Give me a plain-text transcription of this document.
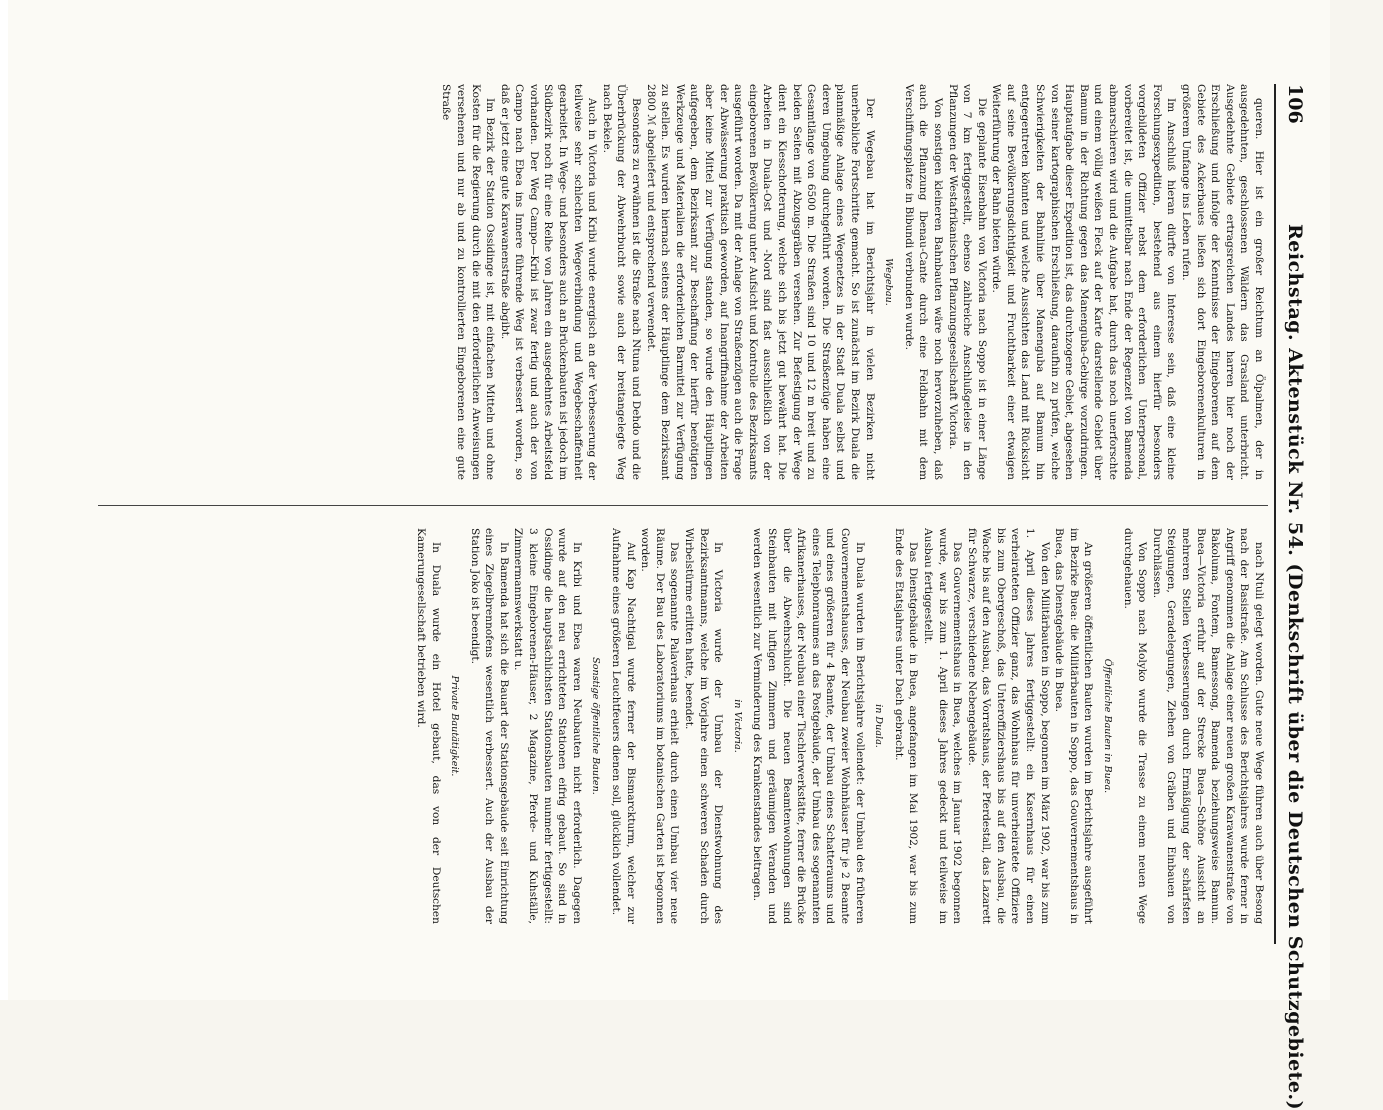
106
Reichstag. Aktenstück Nr. 54. (Denkschrift über die Deutschen Schutzgebiete.)

queren. Hier ist ein großer Reichtum an Ölpalmen, der in ausgedehnten, geschlossenen Wäldern das Grasland unterbricht. Ausgedehnte Gebiete ertragsreichen Landes harren hier noch der Erschließung und infolge der Kenntnisse der Eingeborenen auf dem Gebiete des Ackerbaues ließen sich dort Eingeborenenkulturen in größerem Umfange ins Leben rufen.

Im Anschluß hieran dürfte von Interesse sein, daß eine kleine Forschungsexpedition, bestehend aus einem hierfür besonders vorgebildeten Offizier nebst dem erforderlichen Unterpersonal, vorbereitet ist, die unmittelbar nach Ende der Regenzeit von Bamenda abmarschieren wird und die Aufgabe hat, durch das noch unerforschte und einem völlig weißen Fleck auf der Karte darstellende Gebiet über Bamum in der Richtung gegen das Manenguba-Gebirge vorzudringen. Hauptaufgabe dieser Expedition ist, das durchzogene Gebiet, abgesehen von seiner kartographischen Erschließung, daraufhin zu prüfen, welche Schwierigkeiten der Bahnlinie über Manenguba auf Bamum hin entgegentreten könnten und welche Aussichten das Land mit Rücksicht auf seine Bevölkerungsdichtigkeit und Fruchtbarkeit einer etwaigen Weiterführung der Bahn bieten würde.

Die geplante Eisenbahn von Victoria nach Soppo ist in einer Länge von 7 km fertiggestellt, ebenso zahlreiche Anschlußgeleise in den Pflanzungen der Westafrikanischen Pflanzungsgesellschaft Victoria.

Von sonstigen kleineren Bahnbauten wäre noch hervorzuheben, daß auch die Pflanzung Ibenau-Cante durch eine Feldbahn mit dem Verschiffungsplatze in Bibundi verbunden wurde.

Wegebau.

Der Wegebau hat im Berichtsjahr in vielen Bezirken nicht unerhebliche Fortschritte gemacht. So ist zunächst im Bezirk Duala die planmäßige Anlage eines Wegenetzes in der Stadt Duala selbst und deren Umgebung durchgeführt worden. Die Straßenzüge haben eine Gesamtlänge von 6500 m. Die Straßen sind 10 und 12 m breit und zu beiden Seiten mit Abzugsgräben versehen. Zur Befestigung der Wege dient ein Kiesschotterung, welche sich bis jetzt gut bewährt hat. Die Arbeiten in Duala-Ost und -Nord sind fast ausschließlich von der eingeborenen Bevölkerung unter Aufsicht und Kontrolle des Bezirksamts ausgeführt worden. Da mit der Anlage von Straßenzügen auch die Frage der Abwässerung praktisch geworden, auf Inangriffnahme der Arbeiten aber keine Mittel zur Verfügung standen, so wurde den Häuptlingen aufgegeben, dem Bezirksamt zur Beschaffung der hierfür benötigten Werkzeuge und Materialien die erforderlichen Barmittel zur Verfügung zu stellen. Es wurden hiernach seitens der Häuptlinge dem Bezirksamt 2800 ℳ abgeliefert und entsprechend verwendet.

Besonders zu erwähnen ist die Straße nach Ntuna und Dehdo und die Überbrückung der Abwehrbucht sowie auch der breitangelegte Weg nach Bekele.

Auch in Victoria und Kribi wurde energisch an der Verbesserung der teilweise sehr schlechten Wegeverbindung und Wegebeschaffenheit gearbeitet. In Wege- und besonders auch an Brückenbauten ist jedoch im Südbezirk noch für eine Reihe von Jahren ein ausgedehntes Arbeitsfeld vorhanden. Der Weg Campo—Kribi ist zwar fertig und auch der von Campo nach Ebea ins Innere führende Weg ist verbessert worden, so daß er jetzt eine gute Karawanenstraße abgibt.

Im Bezirk der Station Ossidinge ist, mit einfachen Mitteln und ohne Kosten für die Regierung durch die mit den erforderlichen Anweisungen versehenen und nur ab und zu kontrollierten Eingeborenen eine gute Straße

nach Ntuli gelegt worden. Gute neue Wege führen auch über Besong nach der Basistraße. Am Schlusse des Berichtsjahres wurde ferner in Angriff genommen die Anlage einer neuen großen Karawanenstraße von Bakoluma, Fontem, Bamessong, Bamenda beziehungsweise Bamum. Buea—Victoria erfuhr auf der Strecke Buea—Schöne Aussicht an mehreren Stellen Verbesserungen durch Ermäßigung der schärfsten Steigungen, Geradelegungen, Ziehen von Gräben und Einbauen von Durchlässen.

Von Soppo nach Molyko wurde die Trasse zu einem neuen Wege durchgehauen.

Öffentliche Bauten in Buea.

An größeren öffentlichen Bauten wurden im Berichtsjahre ausgeführt im Bezirke Buea: die Militärbauten in Soppo, das Gouvernementshaus in Buea, das Dienstgebäude in Buea.

Von den Militärbauten in Soppo, begonnen im März 1902, war bis zum 1. April dieses Jahres fertiggestellt: ein Kasernhaus für einen verheirateten Offizier ganz, das Wohnhaus für unverheiratete Offiziere bis zum Obergeschoß, das Unteroffiziershaus bis auf den Ausbau, die Wache bis auf den Ausbau, das Vorratshaus, der Pferdestall, das Lazarett für Schwarze, verschiedene Nebengebäude.

Das Gouvernementshaus in Buea, welches im Januar 1902 begonnen wurde, war bis zum 1. April dieses Jahres gedeckt und teilweise im Ausbau fertiggestellt.

Das Dienstgebäude in Buea, angefangen im Mai 1902, war bis zum Ende des Etatsjahres unter Dach gebracht.

in Duala.

In Duala wurden im Berichtsjahre vollendet: der Umbau des früheren Gouvernementshauses, der Neubau zweier Wohnhäuser für je 2 Beamte und eines größeren für 4 Beamte, der Umbau eines Schatteraums und eines Telephonraumes an das Postgebäude, der Umbau des sogenannten Afrikanerhauses, der Neubau einer Tischlerwerkstätte, ferner die Brücke über die Abwehrschlucht. Die neuen Beamtenwohnungen sind Steinbauten mit luftigen Zimmern und geräumigen Veranden und werden wesentlich zur Verminderung des Krankenstandes beitragen.

in Victoria.

In Victoria wurde der Umbau der Dienstwohnung des Bezirksamtmanns, welche im Vorjahre einen schweren Schaden durch Wirbelstürme erlitten hatte, beendet.

Das sogenannte Palaverhaus erhielt durch einen Umbau vier neue Räume. Der Bau des Laboratoriums im botanischen Garten ist begonnen worden.

Auf Kap Nachtigal wurde ferner der Bismarckturm, welcher zur Aufnahme eines größeren Leuchtfeuers dienen soll, glücklich vollendet.

Sonstige öffentliche Bauten.

In Kribi und Ebea waren Neubauten nicht erforderlich. Dagegen wurde auf den neu errichteten Stationen eifrig gebaut. So sind in Ossidinge die hauptsächlichsten Stationsbauten nunmehr fertiggestellt: 3 kleine Eingeborenen-Häuser, 2 Magazine, Pferde- und Kuhställe, Zimmermannswerkstatt u.

In Bamenda hat sich die Bauart der Stationsgebäude seit Einrichtung eines Ziegelbrennofens wesentlich verbessert. Auch der Ausbau der Station Joko ist beendigt.

Private Bautätigkeit.

In Duala wurde ein Hotel gebaut, das von der Deutschen Kamerungesellschaft betrieben wird.
